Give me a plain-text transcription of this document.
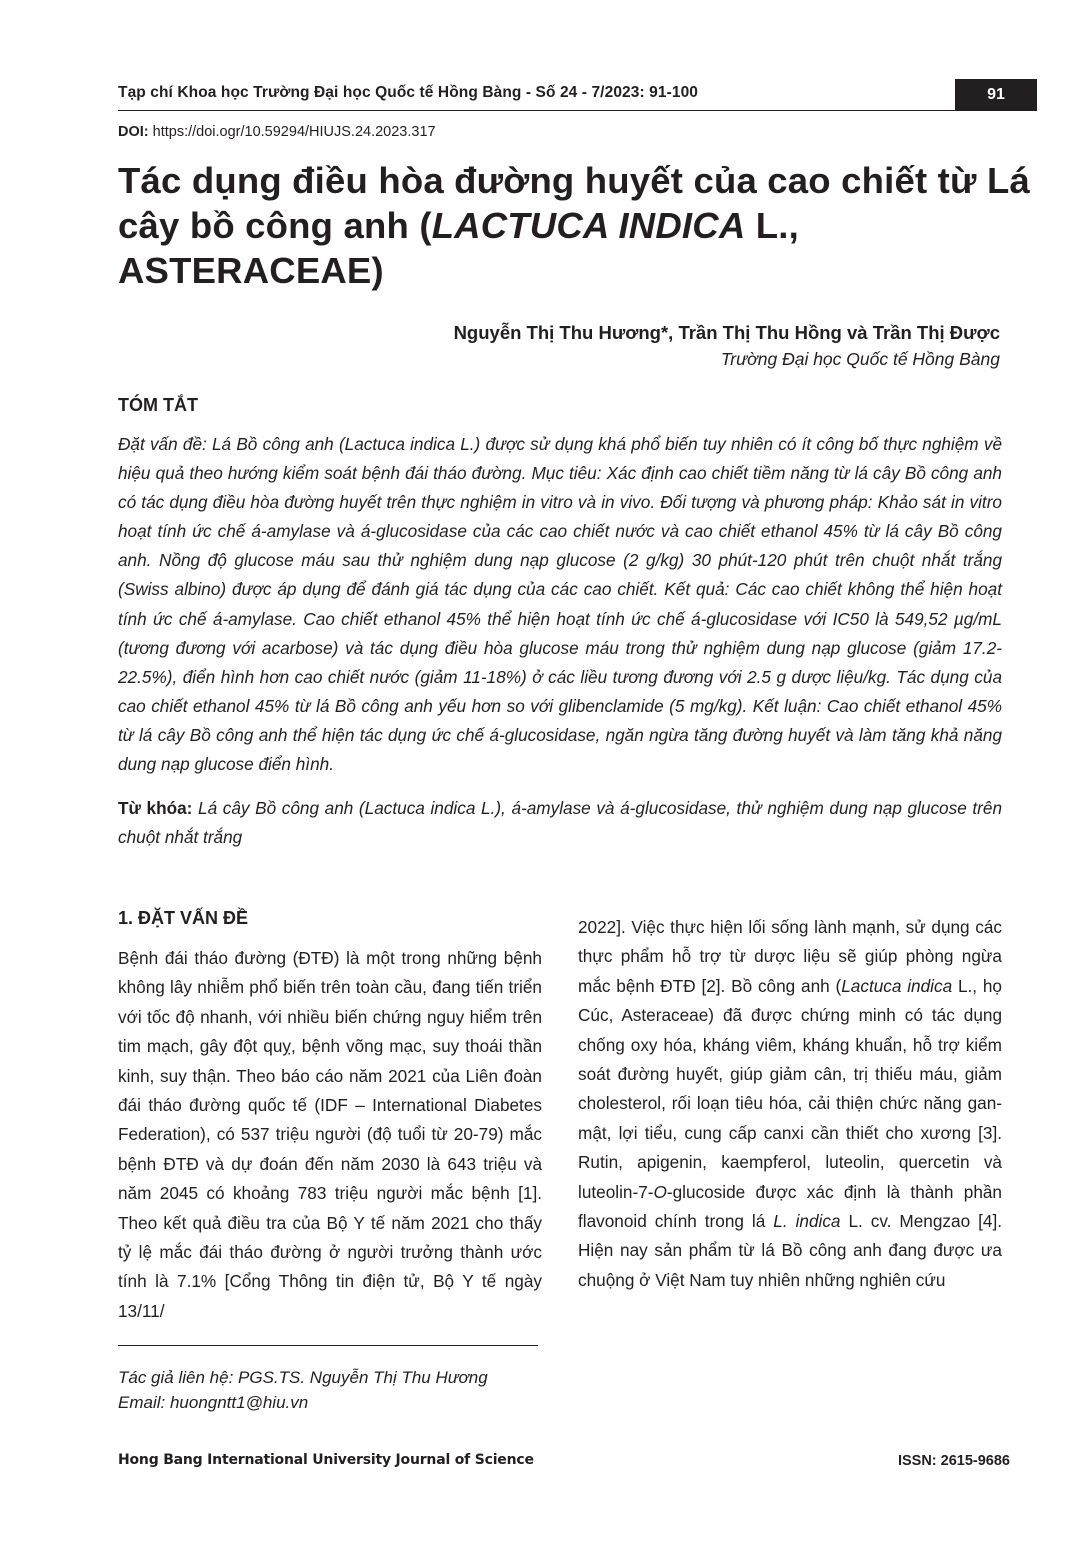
Tạp chí Khoa học Trường Đại học Quốc tế Hồng Bàng - Số 24 - 7/2023: 91-100	91
DOI: https://doi.ogr/10.59294/HIUJS.24.2023.317
Tác dụng điều hòa đường huyết của cao chiết từ Lá cây bồ công anh (LACTUCA INDICA L., ASTERACEAE)
Nguyễn Thị Thu Hương*, Trần Thị Thu Hồng và Trần Thị Được
Trường Đại học Quốc tế Hồng Bàng
TÓM TẮT
Đặt vấn đề: Lá Bồ công anh (Lactuca indica L.) được sử dụng khá phổ biến tuy nhiên có ít công bố thực nghiệm về hiệu quả theo hướng kiểm soát bệnh đái tháo đường. Mục tiêu: Xác định cao chiết tiềm năng từ lá cây Bồ công anh có tác dụng điều hòa đường huyết trên thực nghiệm in vitro và in vivo. Đối tượng và phương pháp: Khảo sát in vitro hoạt tính ức chế á-amylase và á-glucosidase của các cao chiết nước và cao chiết ethanol 45% từ lá cây Bồ công anh. Nồng độ glucose máu sau thử nghiệm dung nạp glucose (2 g/kg) 30 phút-120 phút trên chuột nhắt trắng (Swiss albino) được áp dụng để đánh giá tác dụng của các cao chiết. Kết quả: Các cao chiết không thể hiện hoạt tính ức chế á-amylase. Cao chiết ethanol 45% thể hiện hoạt tính ức chế á-glucosidase với IC50 là 549,52 µg/mL (tương đương với acarbose) và tác dụng điều hòa glucose máu trong thử nghiệm dung nạp glucose (giảm 17.2-22.5%), điển hình hơn cao chiết nước (giảm 11-18%) ở các liều tương đương với 2.5 g dược liệu/kg. Tác dụng của cao chiết ethanol 45% từ lá Bồ công anh yếu hơn so với glibenclamide (5 mg/kg). Kết luận: Cao chiết ethanol 45% từ lá cây Bồ công anh thể hiện tác dụng ức chế á-glucosidase, ngăn ngừa tăng đường huyết và làm tăng khả năng dung nạp glucose điển hình.
Từ khóa: Lá cây Bồ công anh (Lactuca indica L.), á-amylase và á-glucosidase, thử nghiệm dung nạp glucose trên chuột nhắt trắng
1. ĐẶT VẤN ĐỀ

Bệnh đái tháo đường (ĐTĐ) là một trong những bệnh không lây nhiễm phổ biến trên toàn cầu, đang tiến triển với tốc độ nhanh, với nhiều biến chứng nguy hiểm trên tim mạch, gây đột quỵ, bệnh võng mạc, suy thoái thần kinh, suy thận. Theo báo cáo năm 2021 của Liên đoàn đái tháo đường quốc tế (IDF – International Diabetes Federation), có 537 triệu người (độ tuổi từ 20-79) mắc bệnh ĐTĐ và dự đoán đến năm 2030 là 643 triệu và năm 2045 có khoảng 783 triệu người mắc bệnh [1]. Theo kết quả điều tra của Bộ Y tế năm 2021 cho thấy tỷ lệ mắc đái tháo đường ở người trưởng thành ước tính là 7.1% [Cổng Thông tin điện tử, Bộ Y tế ngày 13/11/

2022]. Việc thực hiện lối sống lành mạnh, sử dụng các thực phẩm hỗ trợ từ dược liệu sẽ giúp phòng ngừa mắc bệnh ĐTĐ [2]. Bồ công anh (Lactuca indica L., họ Cúc, Asteraceae) đã được chứng minh có tác dụng chống oxy hóa, kháng viêm, kháng khuẩn, hỗ trợ kiểm soát đường huyết, giúp giảm cân, trị thiếu máu, giảm cholesterol, rối loạn tiêu hóa, cải thiện chức năng gan-mật, lợi tiểu, cung cấp canxi cần thiết cho xương [3]. Rutin, apigenin, kaempferol, luteolin, quercetin và luteolin-7-O-glucoside được xác định là thành phần flavonoid chính trong lá L. indica L. cv. Mengzao [4]. Hiện nay sản phẩm từ lá Bồ công anh đang được ưa chuộng ở Việt Nam tuy nhiên những nghiên cứu

Tác giả liên hệ: PGS.TS. Nguyễn Thị Thu Hương
Email: huongntt1@hiu.vn
Hong Bang International University Journal of Science	ISSN: 2615-9686
